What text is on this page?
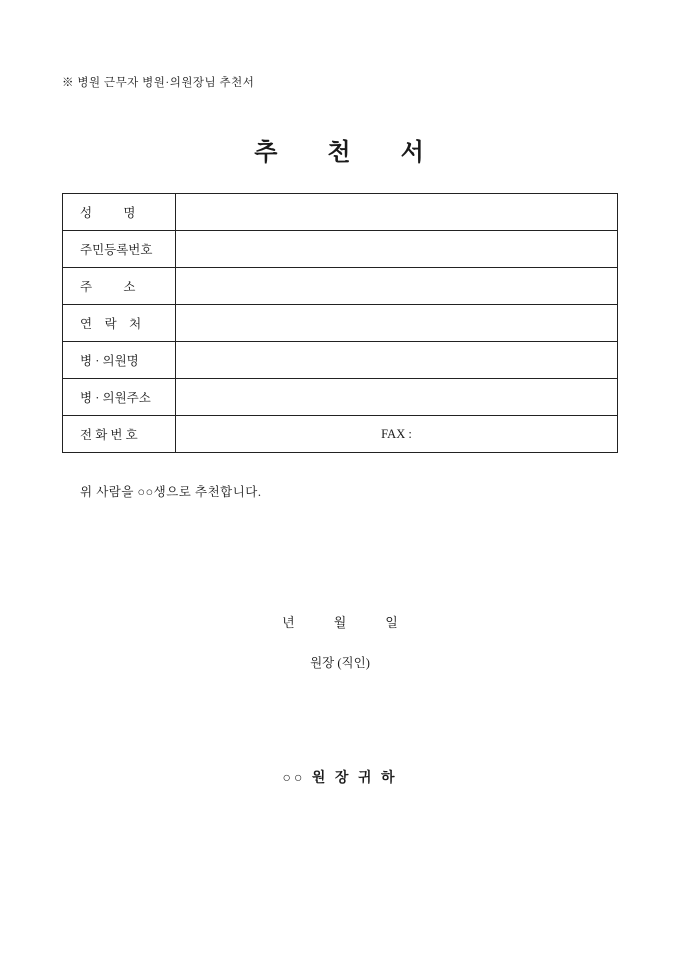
※ 병원 근무자 병원·의원장님 추천서
추      천      서
성          명	
주민등록번호	
주          소	
연    락    처	
병 · 의원명	
병 · 의원주소	
전 화 번 호	FAX :
위 사람을 ○○생으로 추천합니다.
년            월            일
원장 (직인)
○○ 원 장 귀 하
